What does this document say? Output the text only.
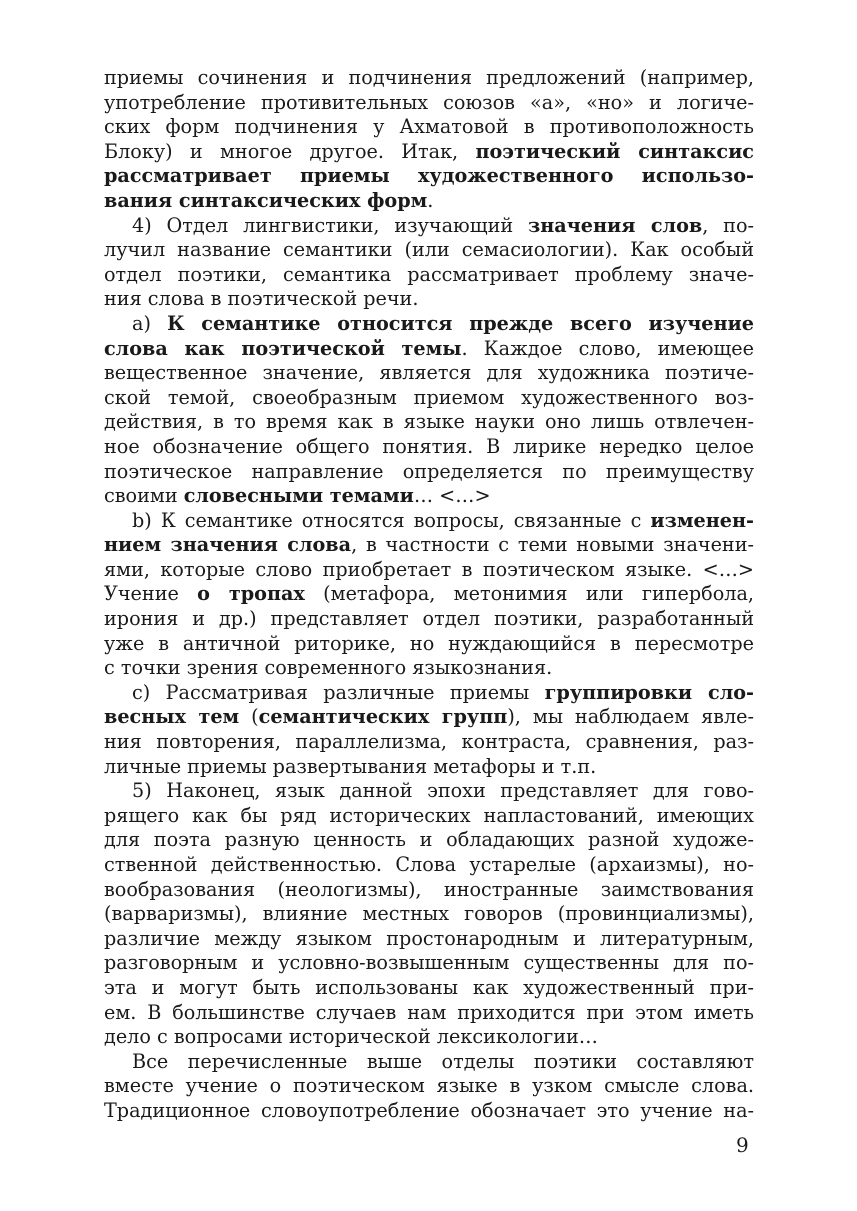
приемы сочинения и подчинения предложений (например,

употребление противительных союзов «а», «но» и логиче-

ских форм подчинения у Ахматовой в противоположность

Блоку) и многое другое. Итак, поэтический синтаксис

рассматривает приемы художественного использо-

вания синтаксических форм.

4) Отдел лингвистики, изучающий значения слов, по-

лучил название семантики (или семасиологии). Как особый

отдел поэтики, семантика рассматривает проблему значе-

ния слова в поэтической речи.

а) К семантике относится прежде всего изучение

слова как поэтической темы. Каждое слово, имеющее

вещественное значение, является для художника поэтиче-

ской темой, своеобразным приемом художественного воз-

действия, в то время как в языке науки оно лишь отвлечен-

ное обозначение общего понятия. В лирике нередко целое

поэтическое направление определяется по преимуществу

своими словесными темами… <…>

b) К семантике относятся вопросы, связанные с изменен-

нием значения слова, в частности с теми новыми значени-

ями, которые слово приобретает в поэтическом языке. <…>

Учение о тропах (метафора, метонимия или гипербола,

ирония и др.) представляет отдел поэтики, разработанный

уже в античной риторике, но нуждающийся в пересмотре

с точки зрения современного языкознания.

с) Рассматривая различные приемы группировки сло-

весных тем (семантических групп), мы наблюдаем явле-

ния повторения, параллелизма, контраста, сравнения, раз-

личные приемы развертывания метафоры и т.п.

5) Наконец, язык данной эпохи представляет для гово-

рящего как бы ряд исторических напластований, имеющих

для поэта разную ценность и обладающих разной художе-

ственной действенностью. Слова устарелые (архаизмы), но-

вообразования (неологизмы), иностранные заимствования

(варваризмы), влияние местных говоров (провинциализмы),

различие между языком простонародным и литературным,

разговорным и условно-возвышенным существенны для по-

эта и могут быть использованы как художественный при-

ем. В большинстве случаев нам приходится при этом иметь

дело с вопросами исторической лексикологии…

Все перечисленные выше отделы поэтики составляют

вместе учение о поэтическом языке в узком смысле слова.

Традиционное словоупотребление обозначает это учение на-

9
